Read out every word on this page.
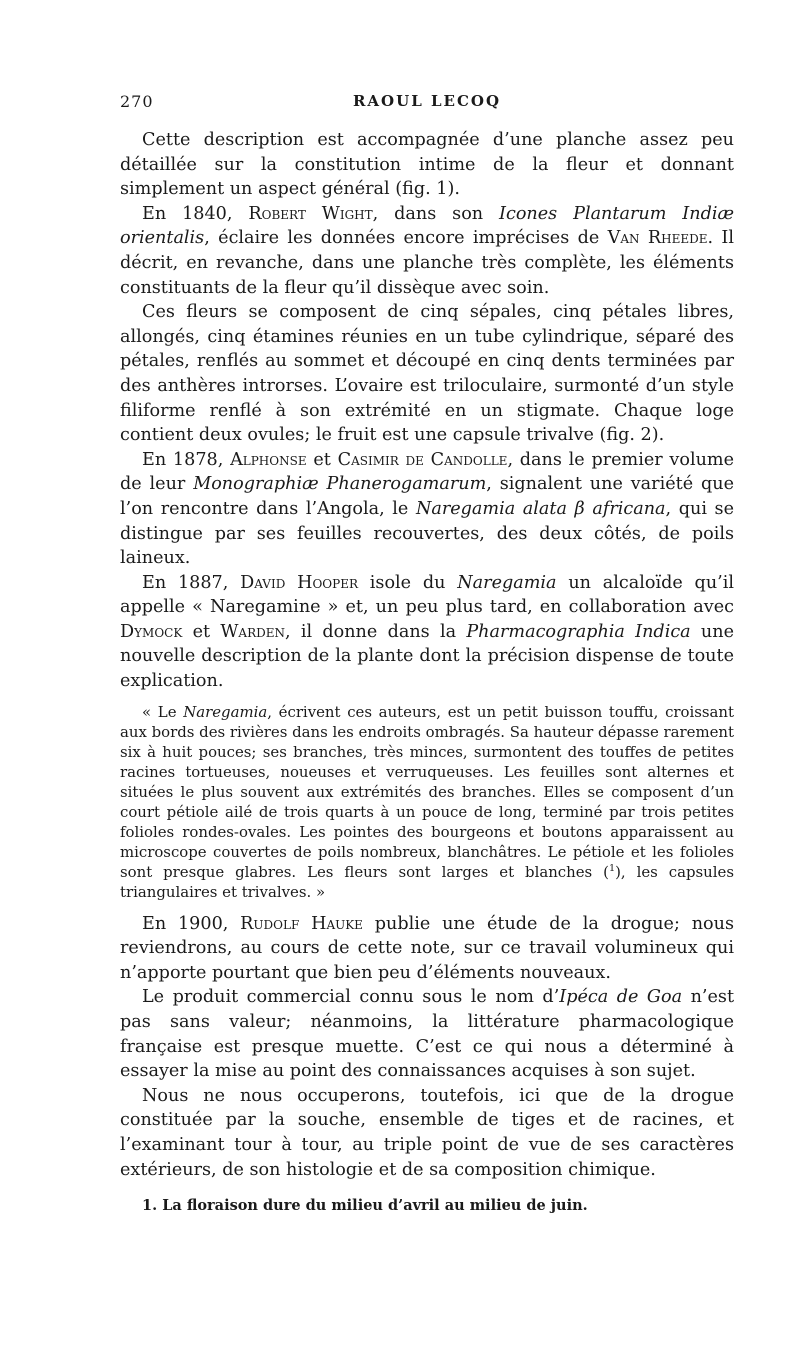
270	RAOUL LECOQ

Cette description est accompagnée d’une planche assez peu détaillée sur la constitution intime de la fleur et donnant simplement un aspect général (fig. 1).

En 1840, Robert Wight, dans son Icones Plantarum Indiæ orientalis, éclaire les données encore imprécises de Van Rheede. Il décrit, en revanche, dans une planche très complète, les éléments constituants de la fleur qu’il dissèque avec soin.

Ces fleurs se composent de cinq sépales, cinq pétales libres, allongés, cinq étamines réunies en un tube cylindrique, séparé des pétales, renflés au sommet et découpé en cinq dents terminées par des anthères introrses. L’ovaire est triloculaire, surmonté d’un style filiforme renflé à son extrémité en un stigmate. Chaque loge contient deux ovules; le fruit est une capsule trivalve (fig. 2).

En 1878, Alphonse et Casimir de Candolle, dans le premier volume de leur Monographiæ Phanerogamarum, signalent une variété que l’on rencontre dans l’Angola, le Naregamia alata β africana, qui se distingue par ses feuilles recouvertes, des deux côtés, de poils laineux.

En 1887, David Hooper isole du Naregamia un alcaloïde qu’il appelle « Naregamine » et, un peu plus tard, en collaboration avec Dymock et Warden, il donne dans la Pharmacographia Indica une nouvelle description de la plante dont la précision dispense de toute explication.

« Le Naregamia, écrivent ces auteurs, est un petit buisson touffu, croissant aux bords des rivières dans les endroits ombragés. Sa hauteur dépasse rarement six à huit pouces; ses branches, très minces, surmontent des touffes de petites racines tortueuses, noueuses et verruqueuses. Les feuilles sont alternes et situées le plus souvent aux extrémités des branches. Elles se composent d’un court pétiole ailé de trois quarts à un pouce de long, terminé par trois petites folioles rondes-ovales. Les pointes des bourgeons et boutons apparaissent au microscope couvertes de poils nombreux, blanchâtres. Le pétiole et les folioles sont presque glabres. Les fleurs sont larges et blanches ($^1$), les capsules triangulaires et trivalves. »

En 1900, Rudolf Hauke publie une étude de la drogue; nous reviendrons, au cours de cette note, sur ce travail volumineux qui n’apporte pourtant que bien peu d’éléments nouveaux.

Le produit commercial connu sous le nom d’Ipéca de Goa n’est pas sans valeur; néanmoins, la littérature pharmacologique française est presque muette. C’est ce qui nous a déterminé à essayer la mise au point des connaissances acquises à son sujet.

Nous ne nous occuperons, toutefois, ici que de la drogue constituée par la souche, ensemble de tiges et de racines, et l’examinant tour à tour, au triple point de vue de ses caractères extérieurs, de son histologie et de sa composition chimique.

1. La floraison dure du milieu d’avril au milieu de juin.
